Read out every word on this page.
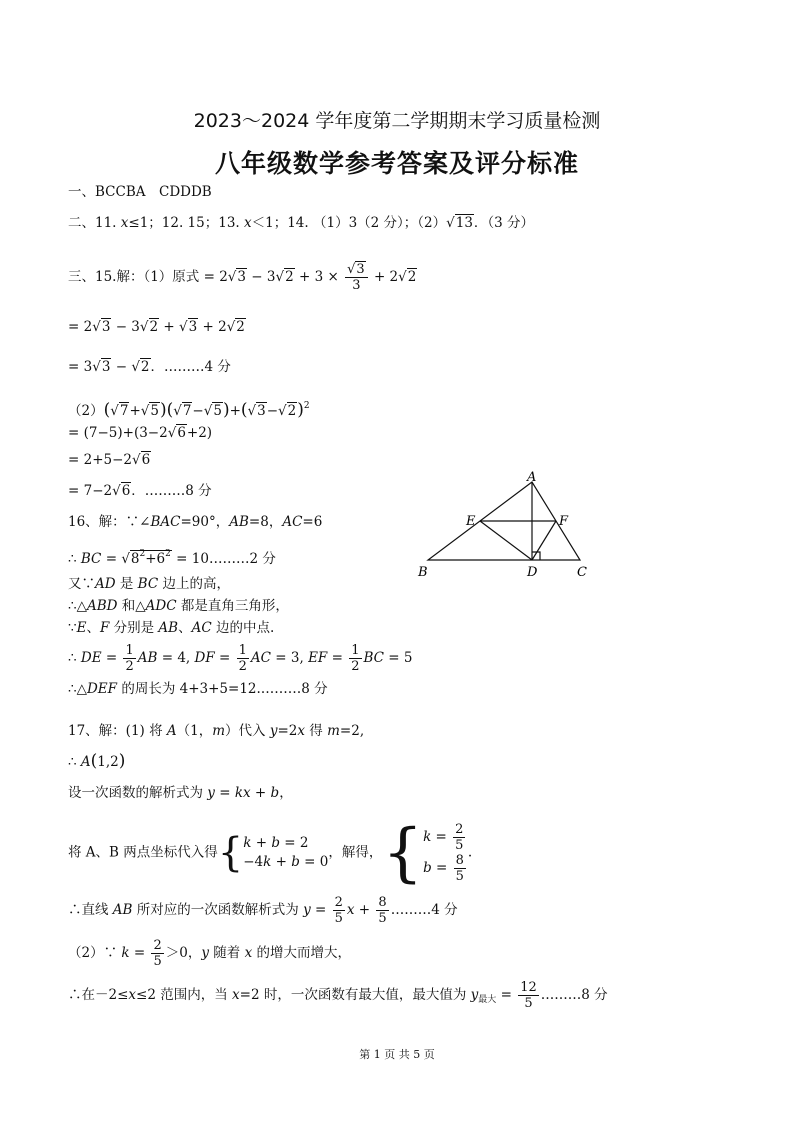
2023～2024 学年度第二学期期末学习质量检测
八年级数学参考答案及评分标准
一、BCCBA　CDDDB
二、11. x≤1；12. 15；13. x＜1；14. （1）3（2 分）；（2）√13．（3 分）
三、15.解：（1）原式 = $2√3 - 3√2 + 3 \times \frac{√3}{3} + 2√2$
= 2√3 − 3√2 + √3 + 2√2
= 3√3 − √2．………4 分
$(2)(√7+√5)(√7-√5)+(√3-√2)^2$
= (7−5)+(3−2√6+2)
= 2+5−2√6
= 7−2√6．………8 分
16、解：∵∠BAC=90°，AB=8，AC=6
∴ BC = $√8^2+6^2$ = 10………2 分
又∵AD 是 BC 边上的高，
∴△ABD 和△ADC 都是直角三角形，
∵E、F 分别是 AB、AC 边的中点.
∴ DE = $\frac{1}{2}$ AB = 4, DF = $\frac{1}{2}$ AC = 3, EF = $\frac{1}{2}$ BC = 5
∴△DEF 的周长为 4+3+5=12.………8 分
A
B	C
D
E	F
17、解：(1) 将 A（1，m）代入 y=2x 得 m=2,
∴ A(1,2)
设一次函数的解析式为 y = kx + b，
将 A、B 两点坐标代入得{k + b = 2
−4k + b = 0，解得，{$k = \frac{2}{5}$

$b = \frac{8}{5}$
.
∴直线 AB 所对应的一次函数解析式为 $y = \frac{2}{5}$ $x + \frac{8}{5}$ ………4 分
（2）∵ $k = \frac{2}{5} >0$，y 随着 x 的增大而增大，
∴在－2≤x≤2 范围内，当 x=2 时，一次函数有最大值，最大值为 $y_{最大} = \frac{12}{5}$ ………8 分
第 1 页 共 5 页
